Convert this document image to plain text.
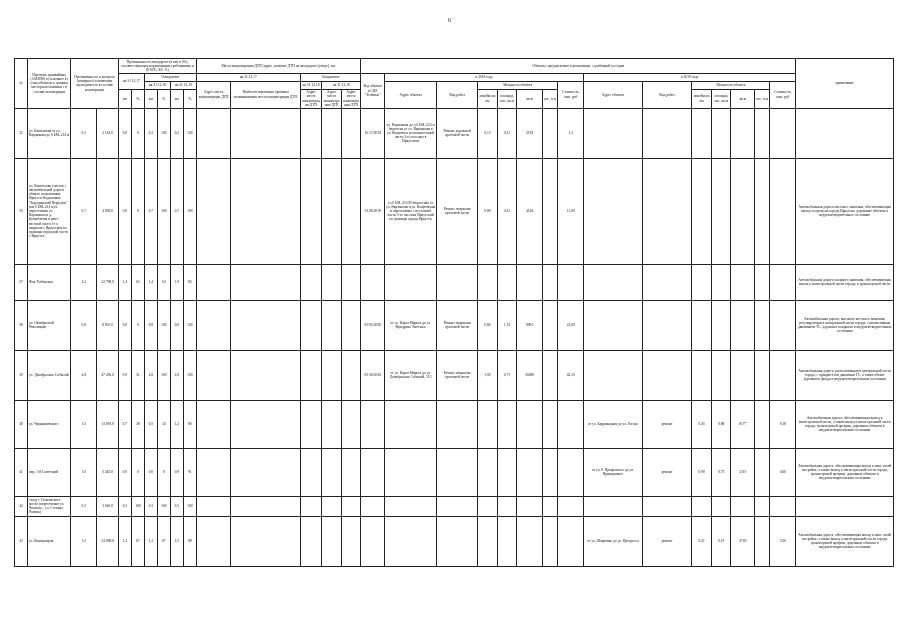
6
№	Перечень трамвайных (ЗАНОВ) в (основное к) улиц объектов к граница месторасположения с в составе агломерации	Протяженность в которого (номерное) и имеющих проходимость в составе агломерации		Протяженность автодороги (в км) в (%), соответствующих нормативным требованиям и (ЕАТЕ, АЕ, %)						Места концентрации ДТП (адрес, наличие ДТП на автодороге (улице), шт.					Объекты, предлагаемые к реализации, с разбивкой по годам															примечание
				на 31.12.17		Ожидаемое				на 31.12.17		Ожидаемое			Код объекта в СКЕ "Зелёные"	в 2018 году							в 2019 году							
						на 31.12.18		на 31.12.19		Адрес места концентрации ДТП	Наиболее вероятные причины возникновения места концентрации ДТП	на 31.12.18	на 31.12.19			Адрес объекта	Вид работ	Мощность объекта				Стоимость, млн. руб	Адрес объекта	Вид работ	Мощность объекта				Стоимость, млн. руб	
				км	%	км	%	км	%			Адрес места концентрации ДТП	Адрес места концентрации ДТП	Адрес места концентрации ДТП				линейн ых км	площадь тыс. кв.м	кв.м	шт., п.м				линейн ых км	площадь тыс. кв.м	кв.м	шт., п.м		
32	ул. Каштанова от ул. Варлыкова до 6 БМ–214 м	0,3	2 183,0	0,0	0	0,2	100	0,2	100						16:17/2018	ул. Варлыкова до д 6 БМ–214 м бюротсая от ул. Варлыкова в ул. Кощеева и исполнительной части 3-го пассажа в Иркутском	Ремонт дорожной проезжей части	0,13	0,31	2182		1,3								
33	ул. Кашталова участок с автомобильной дороги общего пользования Иркутск-Кадзаповка "Бородинский Переулок" (км 0 БМ–214 м) и пересечение ул. Варлыкова и д. Кощебатова в неиз-вестной части 3-го квартала с Иркутском по границы городской части с Иркутск	0,7	4 838,0	0,0	0	0,7	100	0,7	100						01.08.2018	ул 0 БМ–214 М бюротсайа от ул. Варлыкова и ул. Кощеевская и пересечение с восточной части 3-го пассажа Иркутский по границы города Иркутск	Ремонт покрытия проезжей части	0,89	0,41	4146		11,00								Автомобильная дорога местного значения, обеспечивающая выход за пределы города Иркутска, дорожные объекты к неудовлетворительное состояние
37	Фок. Рабовская	2,2	22 798,0	1,4	63	1,4	63	1,9	85																					Автомобильная дорога опорного значения, обеспечивающая выход к магистральной части города, к транспортной части
38	ул. Октябрьской Революции	0,8	8 001,0	0,0	0	0,8	100	0,8	100						05-05/2018	от ул. Карла Маркса до ул. Фридриха Энгельса	Ремонт покрытия проезжей части	0,80	1,14	8001		22,00								Автомобильная дорога, высокого местного значения, регулирующая в центральной части города, с интенсивным движением ТС, дорожное покрытие в неудовлетворительном состоянии
39	ул. Декабрьских Событий	2,8	47 456,0	0,9	31	2,8	100	2,8	100						05-20/2018	от ул. Карла Маркса до ул. Декабрьских Событий, 113	Ремонт покрытия проезжей части	1,90	4,71	30490		42,35								Автомобильная дорога, расположенная в центральной части города, с приоритетом движения ТС, а также объект дорожного фонда в неудовлетворительном состоянии
40	ул. Чернышевского	1,5	13 839,0	0,7	38	0,5	34	1,2	80														от ул. Баррикадная до ул. Гоголя	ремонт	0,45	0,88	6177		9,18	Автомобильная дорога, обеспечивающая выход в магистральной части, а также выход к магистральной части города, транспортной артерии, дорожные объекты в неудовлетворительном состоянии
41	пер. 1-й Советский	1,0	5 445,0	0,0	0	0,0	0	0,9	91														от ул. Р. Прекрасного до ул. Приводящего	ремонт	0,90	0,75	2115		4,00	Автомобильная дорога, обеспечивающая выход к ним, своей застройке, а также выход к магистральной части города, транспортной артерии, дорожные объекты в неудовлетворительном состоянии
42	съезд с Глазковского моста (пересечение ул. Чкалова – ул. Степана Разина)	0,3	3 640,0	0,3	100	0,3	100	0,3	100																					
43	ул. Коммунаров	1,5	23 698,0	1,2	67	1,2	67	1,5	88														от ул. Шарченко до ул. Прогресса	ремонт	0,41	0,19	2703		3,56	Автомобильная дорога, обеспечивающая выход к ним, своей застройке, а также выход к магистральной части города, транспортной артерии, дорожные объекты в неудовлетворительном состоянии
